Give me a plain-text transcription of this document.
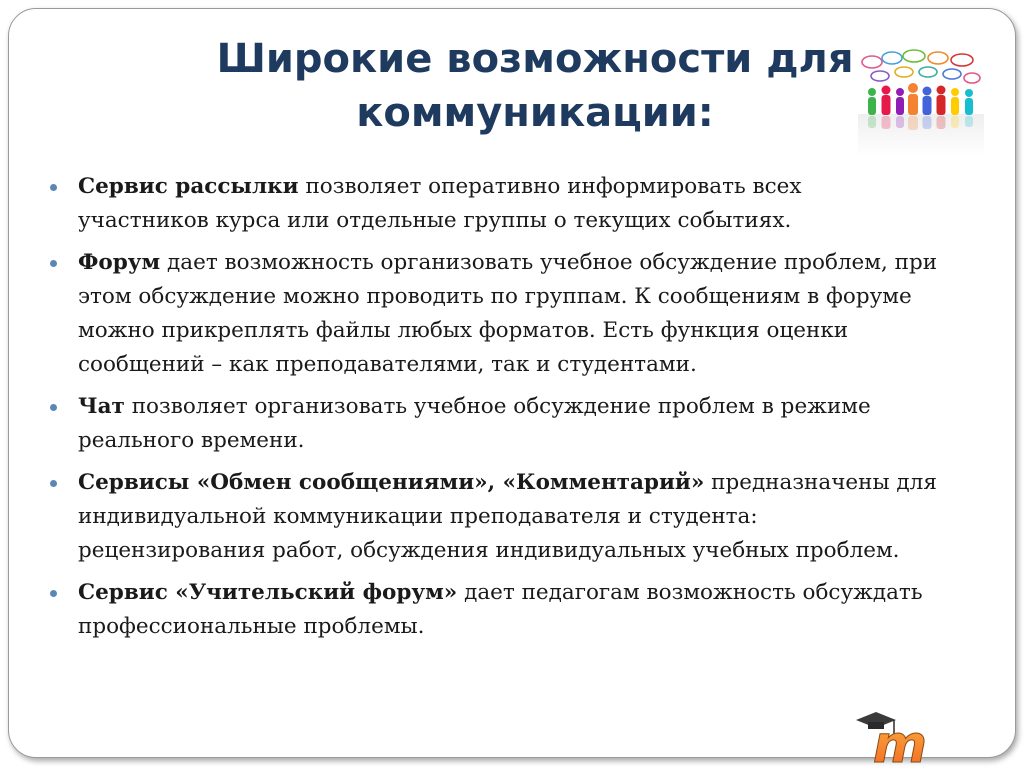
Широкие возможности для
коммуникации:
Сервис рассылки позволяет оперативно информировать всех участников курса или отдельные группы о текущих событиях.
Форум дает возможность организовать учебное обсуждение проблем, при этом обсуждение можно проводить по группам. К сообщениям в форуме можно прикреплять файлы любых форматов. Есть функция оценки сообщений – как преподавателями, так и студентами.
Чат позволяет организовать учебное обсуждение проблем в режиме реального времени.
Сервисы «Обмен сообщениями», «Комментарий» предназначены для индивидуальной коммуникации преподавателя и студента: рецензирования работ, обсуждения индивидуальных учебных проблем.
Сервис «Учительский форум» дает педагогам возможность обсуждать профессиональные проблемы.
m
